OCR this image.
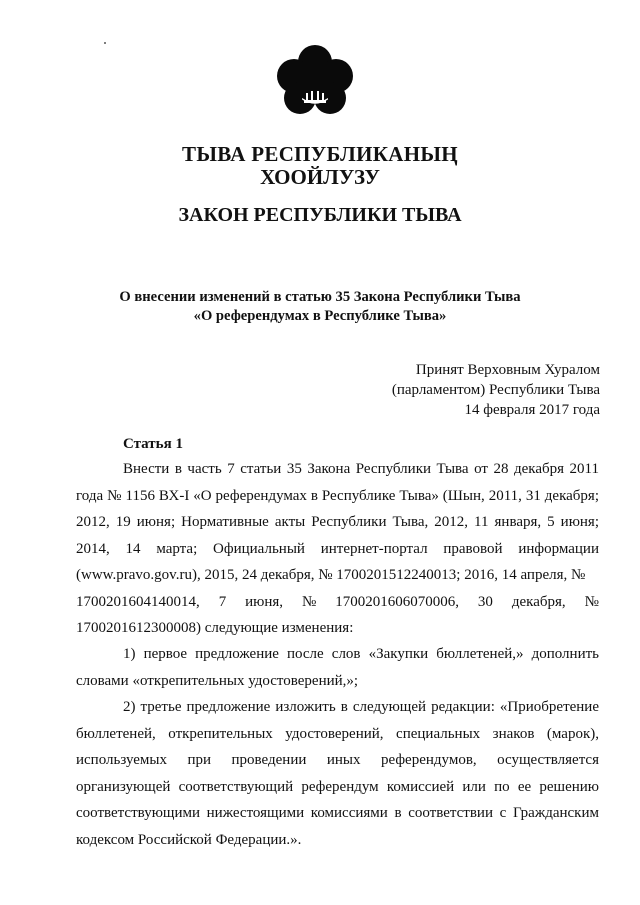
ТЫВА РЕСПУБЛИКАНЫҢ
ХООЙЛУЗУ
ЗАКОН РЕСПУБЛИКИ ТЫВА
О внесении изменений в статью 35 Закона Республики Тыва
«О референдумах в Республике Тыва»
Принят Верховным Хуралом
(парламентом) Республики Тыва
14 февраля 2017 года
Статья 1
Внести в часть 7 статьи 35 Закона Республики Тыва от 28 декабря 2011 года № 1156 ВХ-I «О референдумах в Республике Тыва» (Шын, 2011, 31 декабря; 2012, 19 июня; Нормативные акты Республики Тыва, 2012, 11 января, 5 июня; 2014, 14 марта; Официальный интернет-портал правовой информации (www.pravo.gov.ru), 2015, 24 декабря, № 1700201512240013; 2016, 14 апреля, №
1700201604140014, 7 июня, № 1700201606070006, 30 декабря, №
1700201612300008) следующие изменения:
1) первое предложение после слов «Закупки бюллетеней,» дополнить словами «открепительных удостоверений,»;
2) третье предложение изложить в следующей редакции: «Приобретение бюллетеней, открепительных удостоверений, специальных знаков (марок), используемых при проведении иных референдумов, осуществляется организующей соответствующий референдум комиссией или по ее решению соответствующими нижестоящими комиссиями в соответствии с Гражданским кодексом Российской Федерации.».
